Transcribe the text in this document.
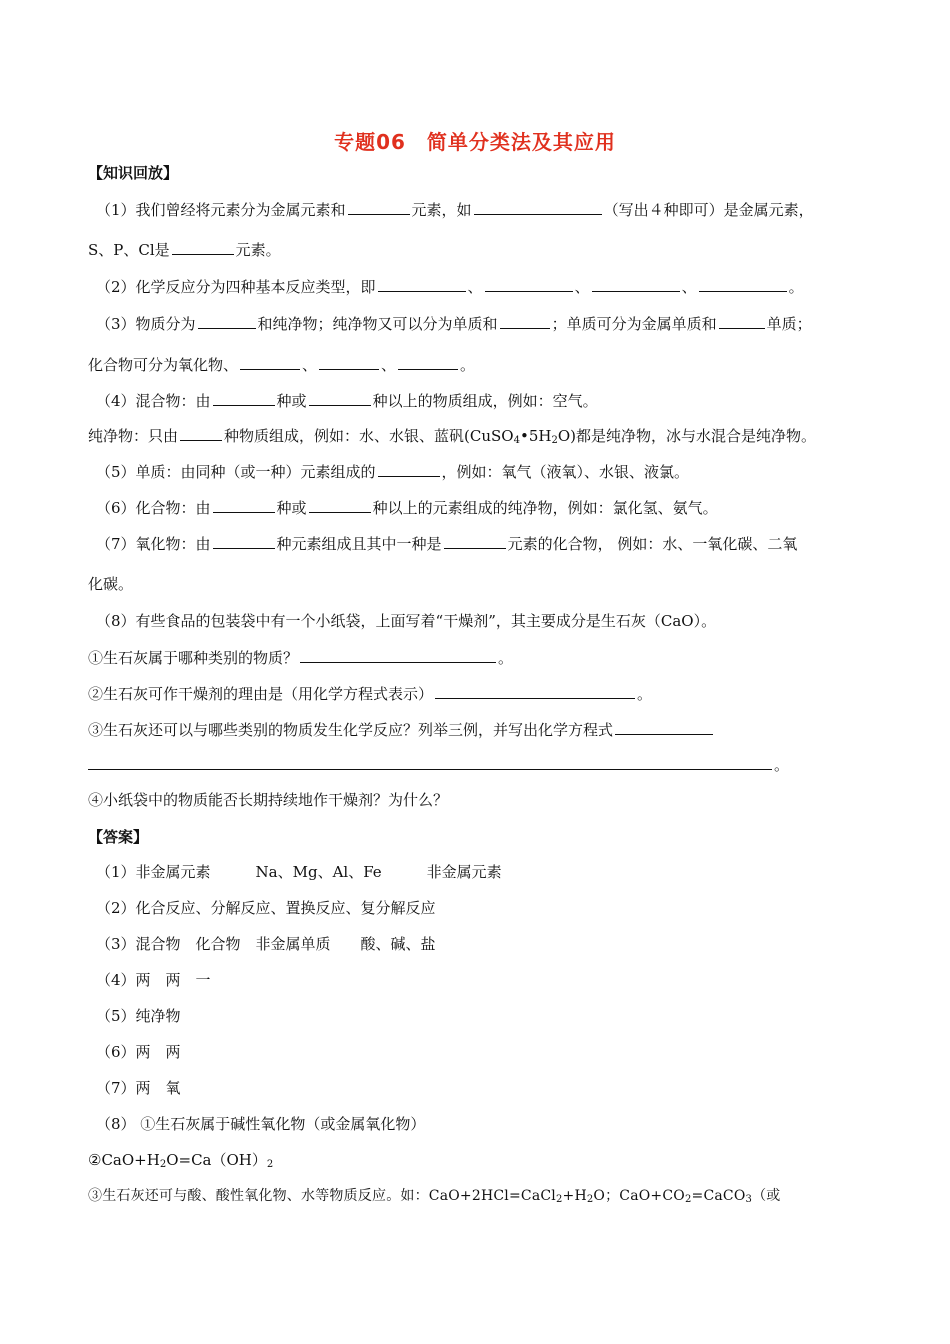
专题06　简单分类法及其应用
【知识回放】
（1）我们曾经将元素分为金属元素和	元素，如	（写出４种即可）是金属元素，
S、P、Cl是	元素。
（2）化学反应分为四种基本反应类型，即	、	、	、	。
（3）物质分为	和纯净物；纯净物又可以分为单质和	；单质可分为金属单质和	单质；
化合物可分为氧化物、	、	、	。
（4）混合物：由	种或	种以上的物质组成，例如：空气。
纯净物：只由	种物质组成，例如：水、水银、蓝矾(CuSO4•5H2O)都是纯净物，冰与水混合是纯净物。
（5）单质：由同种（或一种）元素组成的	，例如：氧气（液氧）、水银、液氯。
（6）化合物：由	种或	种以上的元素组成的纯净物，例如：氯化氢、氨气。
（7）氧化物：由	种元素组成且其中一种是	元素的化合物， 例如：水、一氧化碳、二氧
化碳。
（8）有些食品的包装袋中有一个小纸袋，上面写着“干燥剂”，其主要成分是生石灰（CaO）。
①生石灰属于哪种类别的物质？	。
②生石灰可作干燥剂的理由是（用化学方程式表示）	。
③生石灰还可以与哪些类别的物质发生化学反应？列举三例，并写出化学方程式
。
④小纸袋中的物质能否长期持续地作干燥剂？为什么？
【答案】
（1）非金属元素　　　Na、Mg、Al、Fe　　　非金属元素
（2）化合反应、分解反应、置换反应、复分解反应
（3）混合物　化合物　非金属单质　　酸、碱、盐
（4）两　两　一
（5）纯净物
（6）两　两
（7）两　氧
（8） ①生石灰属于碱性氧化物（或金属氧化物）
②CaO+H2O=Ca（OH）2
③生石灰还可与酸、酸性氧化物、水等物质反应。如：CaO+2HCl=CaCl2+H2O；CaO+CO2=CaCO3（或
